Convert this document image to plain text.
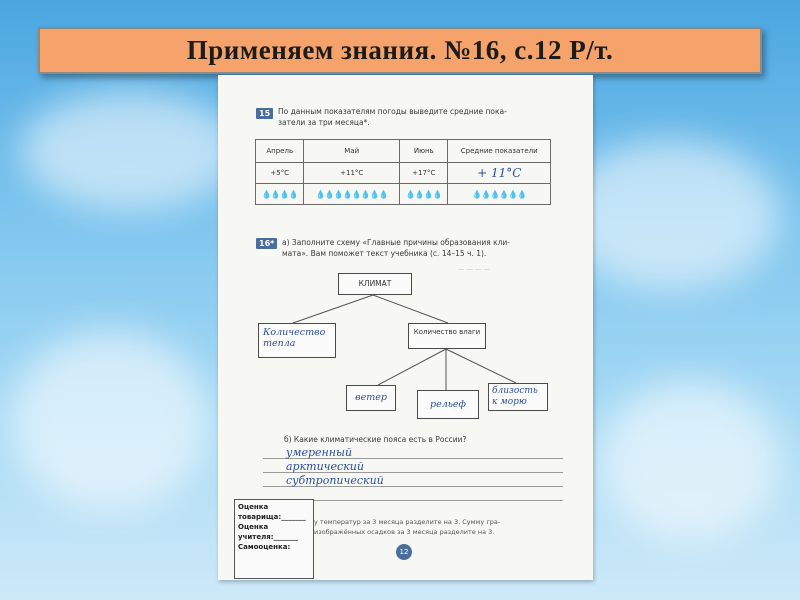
Применяем знания. №16, с.12 Р/т.
15	По данным показателям погоды выведите средние пока-
затели за три месяца*.
Апрель	Май	Июнь	Средние показатели
+5°С	+11°С	+17°С	+ 11°С
💧💧💧💧	💧💧💧💧💧💧💧💧	💧💧💧💧	💧💧💧💧💧💧
16*	а) Заполните схему «Главные причины образования кли-
мата». Вам поможет текст учебника (с. 14–15 ч. 1).
— — — —
КЛИМАТ
Количество тепла
Количество влаги
ветер
рельеф
близость к морю
б) Какие климатические пояса есть в России?
умеренный
арктический
субтропический
Оценка
товарища:_______
Оценка
учителя:_______
Самооценка:
у температур за 3 месяца разделите на 3. Сумму гра-
изображённых осадков за 3 месяца разделите на 3.
12
